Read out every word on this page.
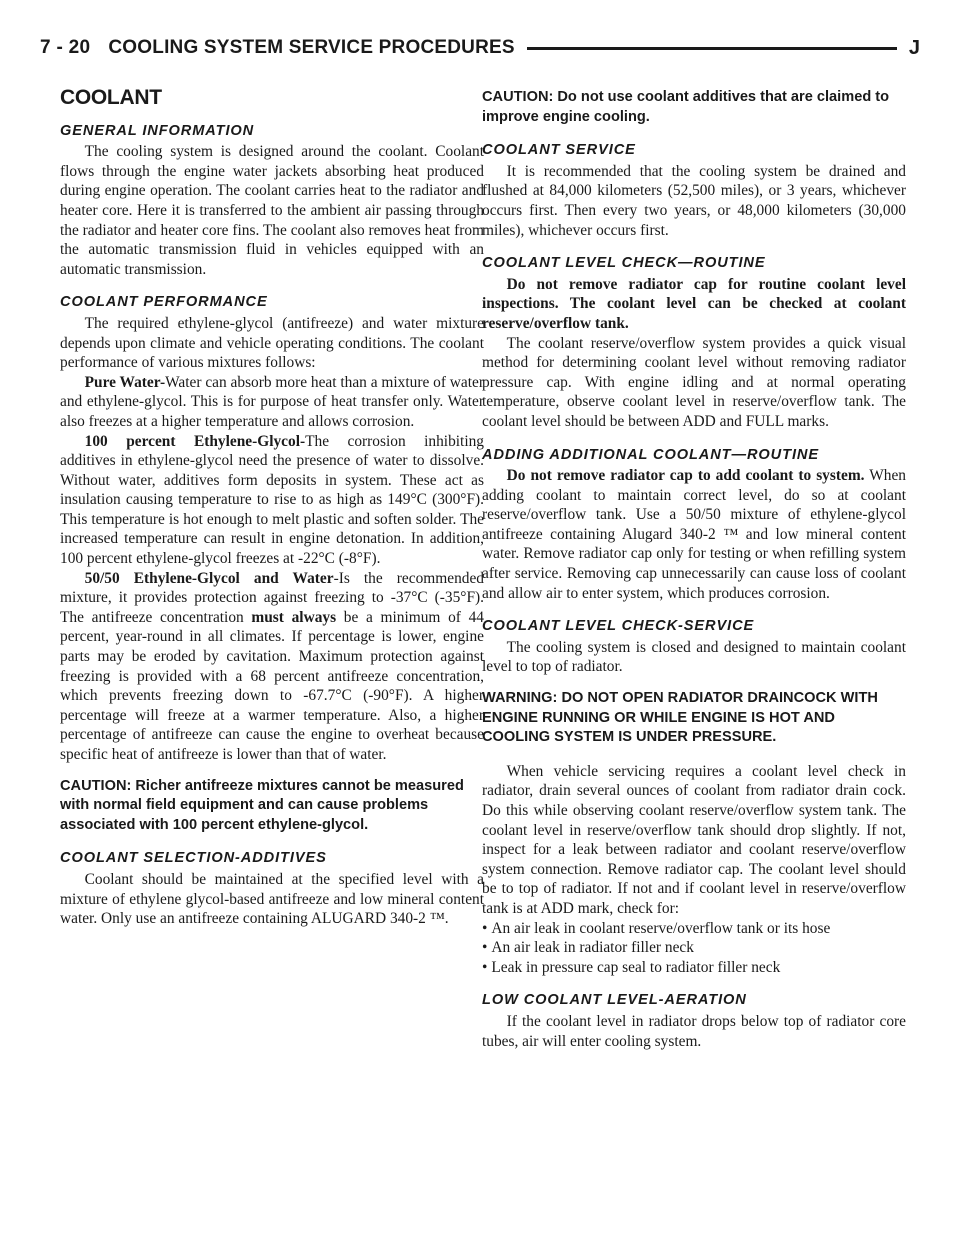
7 - 20 COOLING SYSTEM SERVICE PROCEDURES	J
COOLANT
GENERAL INFORMATION

The cooling system is designed around the coolant. Coolant flows through the engine water jackets absorbing heat produced during engine operation. The coolant carries heat to the radiator and heater core. Here it is transferred to the ambient air passing through the radiator and heater core fins. The coolant also removes heat from the automatic transmission fluid in vehicles equipped with an automatic transmission.

COOLANT PERFORMANCE

The required ethylene-glycol (antifreeze) and water mixture depends upon climate and vehicle operating conditions. The coolant performance of various mixtures follows:

Pure Water-Water can absorb more heat than a mixture of water and ethylene-glycol. This is for purpose of heat transfer only. Water also freezes at a higher temperature and allows corrosion.

100 percent Ethylene-Glycol-The corrosion inhibiting additives in ethylene-glycol need the presence of water to dissolve. Without water, additives form deposits in system. These act as insulation causing temperature to rise to as high as 149°C (300°F). This temperature is hot enough to melt plastic and soften solder. The increased temperature can result in engine detonation. In addition, 100 percent ethylene-glycol freezes at -22°C (-8°F).

50/50 Ethylene-Glycol and Water-Is the recommended mixture, it provides protection against freezing to -37°C (-35°F). The antifreeze concentration must always be a minimum of 44 percent, year-round in all climates. If percentage is lower, engine parts may be eroded by cavitation. Maximum protection against freezing is provided with a 68 percent antifreeze concentration, which prevents freezing down to -67.7°C (-90°F). A higher percentage will freeze at a warmer temperature. Also, a higher percentage of antifreeze can cause the engine to overheat because specific heat of antifreeze is lower than that of water.

CAUTION: Richer antifreeze mixtures cannot be measured with normal field equipment and can cause problems associated with 100 percent ethylene-glycol.

COOLANT SELECTION-ADDITIVES

Coolant should be maintained at the specified level with a mixture of ethylene glycol-based antifreeze and low mineral content water. Only use an antifreeze containing ALUGARD 340-2 ™.

CAUTION: Do not use coolant additives that are claimed to improve engine cooling.

COOLANT SERVICE

It is recommended that the cooling system be drained and flushed at 84,000 kilometers (52,500 miles), or 3 years, whichever occurs first. Then every two years, or 48,000 kilometers (30,000 miles), whichever occurs first.

COOLANT LEVEL CHECK—ROUTINE

Do not remove radiator cap for routine coolant level inspections. The coolant level can be checked at coolant reserve/overflow tank.

The coolant reserve/overflow system provides a quick visual method for determining coolant level without removing radiator pressure cap. With engine idling and at normal operating temperature, observe coolant level in reserve/overflow tank. The coolant level should be between ADD and FULL marks.

ADDING ADDITIONAL COOLANT—ROUTINE

Do not remove radiator cap to add coolant to system. When adding coolant to maintain correct level, do so at coolant reserve/overflow tank. Use a 50/50 mixture of ethylene-glycol antifreeze containing Alugard 340-2 ™ and low mineral content water. Remove radiator cap only for testing or when refilling system after service. Removing cap unnecessarily can cause loss of coolant and allow air to enter system, which produces corrosion.

COOLANT LEVEL CHECK-SERVICE

The cooling system is closed and designed to maintain coolant level to top of radiator.

WARNING: DO NOT OPEN RADIATOR DRAINCOCK WITH ENGINE RUNNING OR WHILE ENGINE IS HOT AND COOLING SYSTEM IS UNDER PRESSURE.

When vehicle servicing requires a coolant level check in radiator, drain several ounces of coolant from radiator drain cock. Do this while observing coolant reserve/overflow system tank. The coolant level in reserve/overflow tank should drop slightly. If not, inspect for a leak between radiator and coolant reserve/overflow system connection. Remove radiator cap. The coolant level should be to top of radiator. If not and if coolant level in reserve/overflow tank is at ADD mark, check for:

• An air leak in coolant reserve/overflow tank or its hose
• An air leak in radiator filler neck
• Leak in pressure cap seal to radiator filler neck
LOW COOLANT LEVEL-AERATION

If the coolant level in radiator drops below top of radiator core tubes, air will enter cooling system.
